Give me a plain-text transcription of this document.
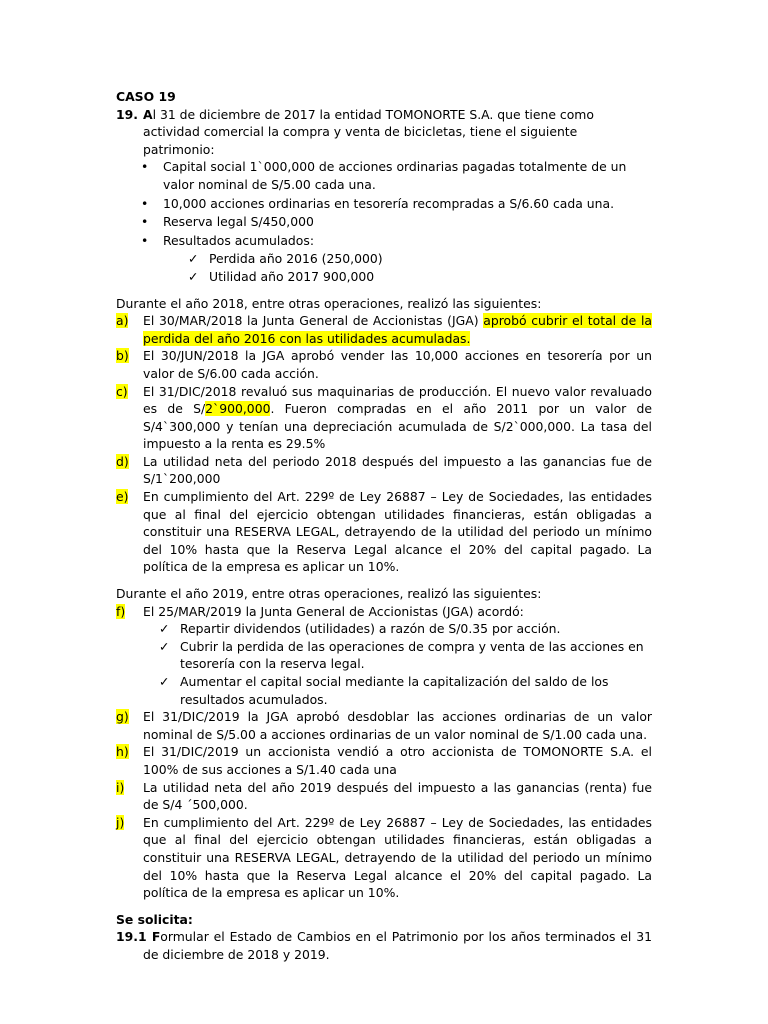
CASO 19
19. Al 31 de diciembre de 2017 la entidad TOMONORTE S.A. que tiene como
actividad comercial la compra y venta de bicicletas, tiene el siguiente
patrimonio:
• Capital social 1`000,000 de acciones ordinarias pagadas totalmente de un valor nominal de S/5.00 cada una.
• 10,000 acciones ordinarias en tesorería recompradas a S/6.60 cada una.
• Reserva legal S/450,000
• Resultados acumulados:
✓ Perdida año 2016 (250,000)
✓ Utilidad año 2017 900,000
Durante el año 2018, entre otras operaciones, realizó las siguientes:
a)	El 30/MAR/2018 la Junta General de Accionistas (JGA) aprobó cubrir el total de la perdida del año 2016 con las utilidades acumuladas.
b)	El 30/JUN/2018 la JGA aprobó vender las 10,000 acciones en tesorería por un valor de S/6.00 cada acción.
c)	El 31/DIC/2018 revaluó sus maquinarias de producción. El nuevo valor revaluado es de S/2`900,000. Fueron compradas en el año 2011 por un valor de S/4`300,000 y tenían una depreciación acumulada de S/2`000,000. La tasa del impuesto a la renta es 29.5%
d)	La utilidad neta del periodo 2018 después del impuesto a las ganancias fue de S/1`200,000
e)	En cumplimiento del Art. 229º de Ley 26887 – Ley de Sociedades, las entidades que al final del ejercicio obtengan utilidades financieras, están obligadas a constituir una RESERVA LEGAL, detrayendo de la utilidad del periodo un mínimo del 10% hasta que la Reserva Legal alcance el 20% del capital pagado. La política de la empresa es aplicar un 10%.
Durante el año 2019, entre otras operaciones, realizó las siguientes:
f)	El 25/MAR/2019 la Junta General de Accionistas (JGA) acordó:
✓ Repartir dividendos (utilidades) a razón de S/0.35 por acción.
✓ Cubrir la perdida de las operaciones de compra y venta de las acciones en tesorería con la reserva legal.
✓ Aumentar el capital social mediante la capitalización del saldo de los resultados acumulados.
g)	El 31/DIC/2019 la JGA aprobó desdoblar las acciones ordinarias de un valor nominal de S/5.00 a acciones ordinarias de un valor nominal de S/1.00 cada una.
h)	El 31/DIC/2019 un accionista vendió a otro accionista de TOMONORTE S.A. el 100% de sus acciones a S/1.40 cada una
i)	La utilidad neta del año 2019 después del impuesto a las ganancias (renta) fue de S/4 ´500,000.
j)	En cumplimiento del Art. 229º de Ley 26887 – Ley de Sociedades, las entidades que al final del ejercicio obtengan utilidades financieras, están obligadas a constituir una RESERVA LEGAL, detrayendo de la utilidad del periodo un mínimo del 10% hasta que la Reserva Legal alcance el 20% del capital pagado. La política de la empresa es aplicar un 10%.
Se solicita:
19.1 Formular el Estado de Cambios en el Patrimonio por los años terminados el 31 de diciembre de 2018 y 2019.
